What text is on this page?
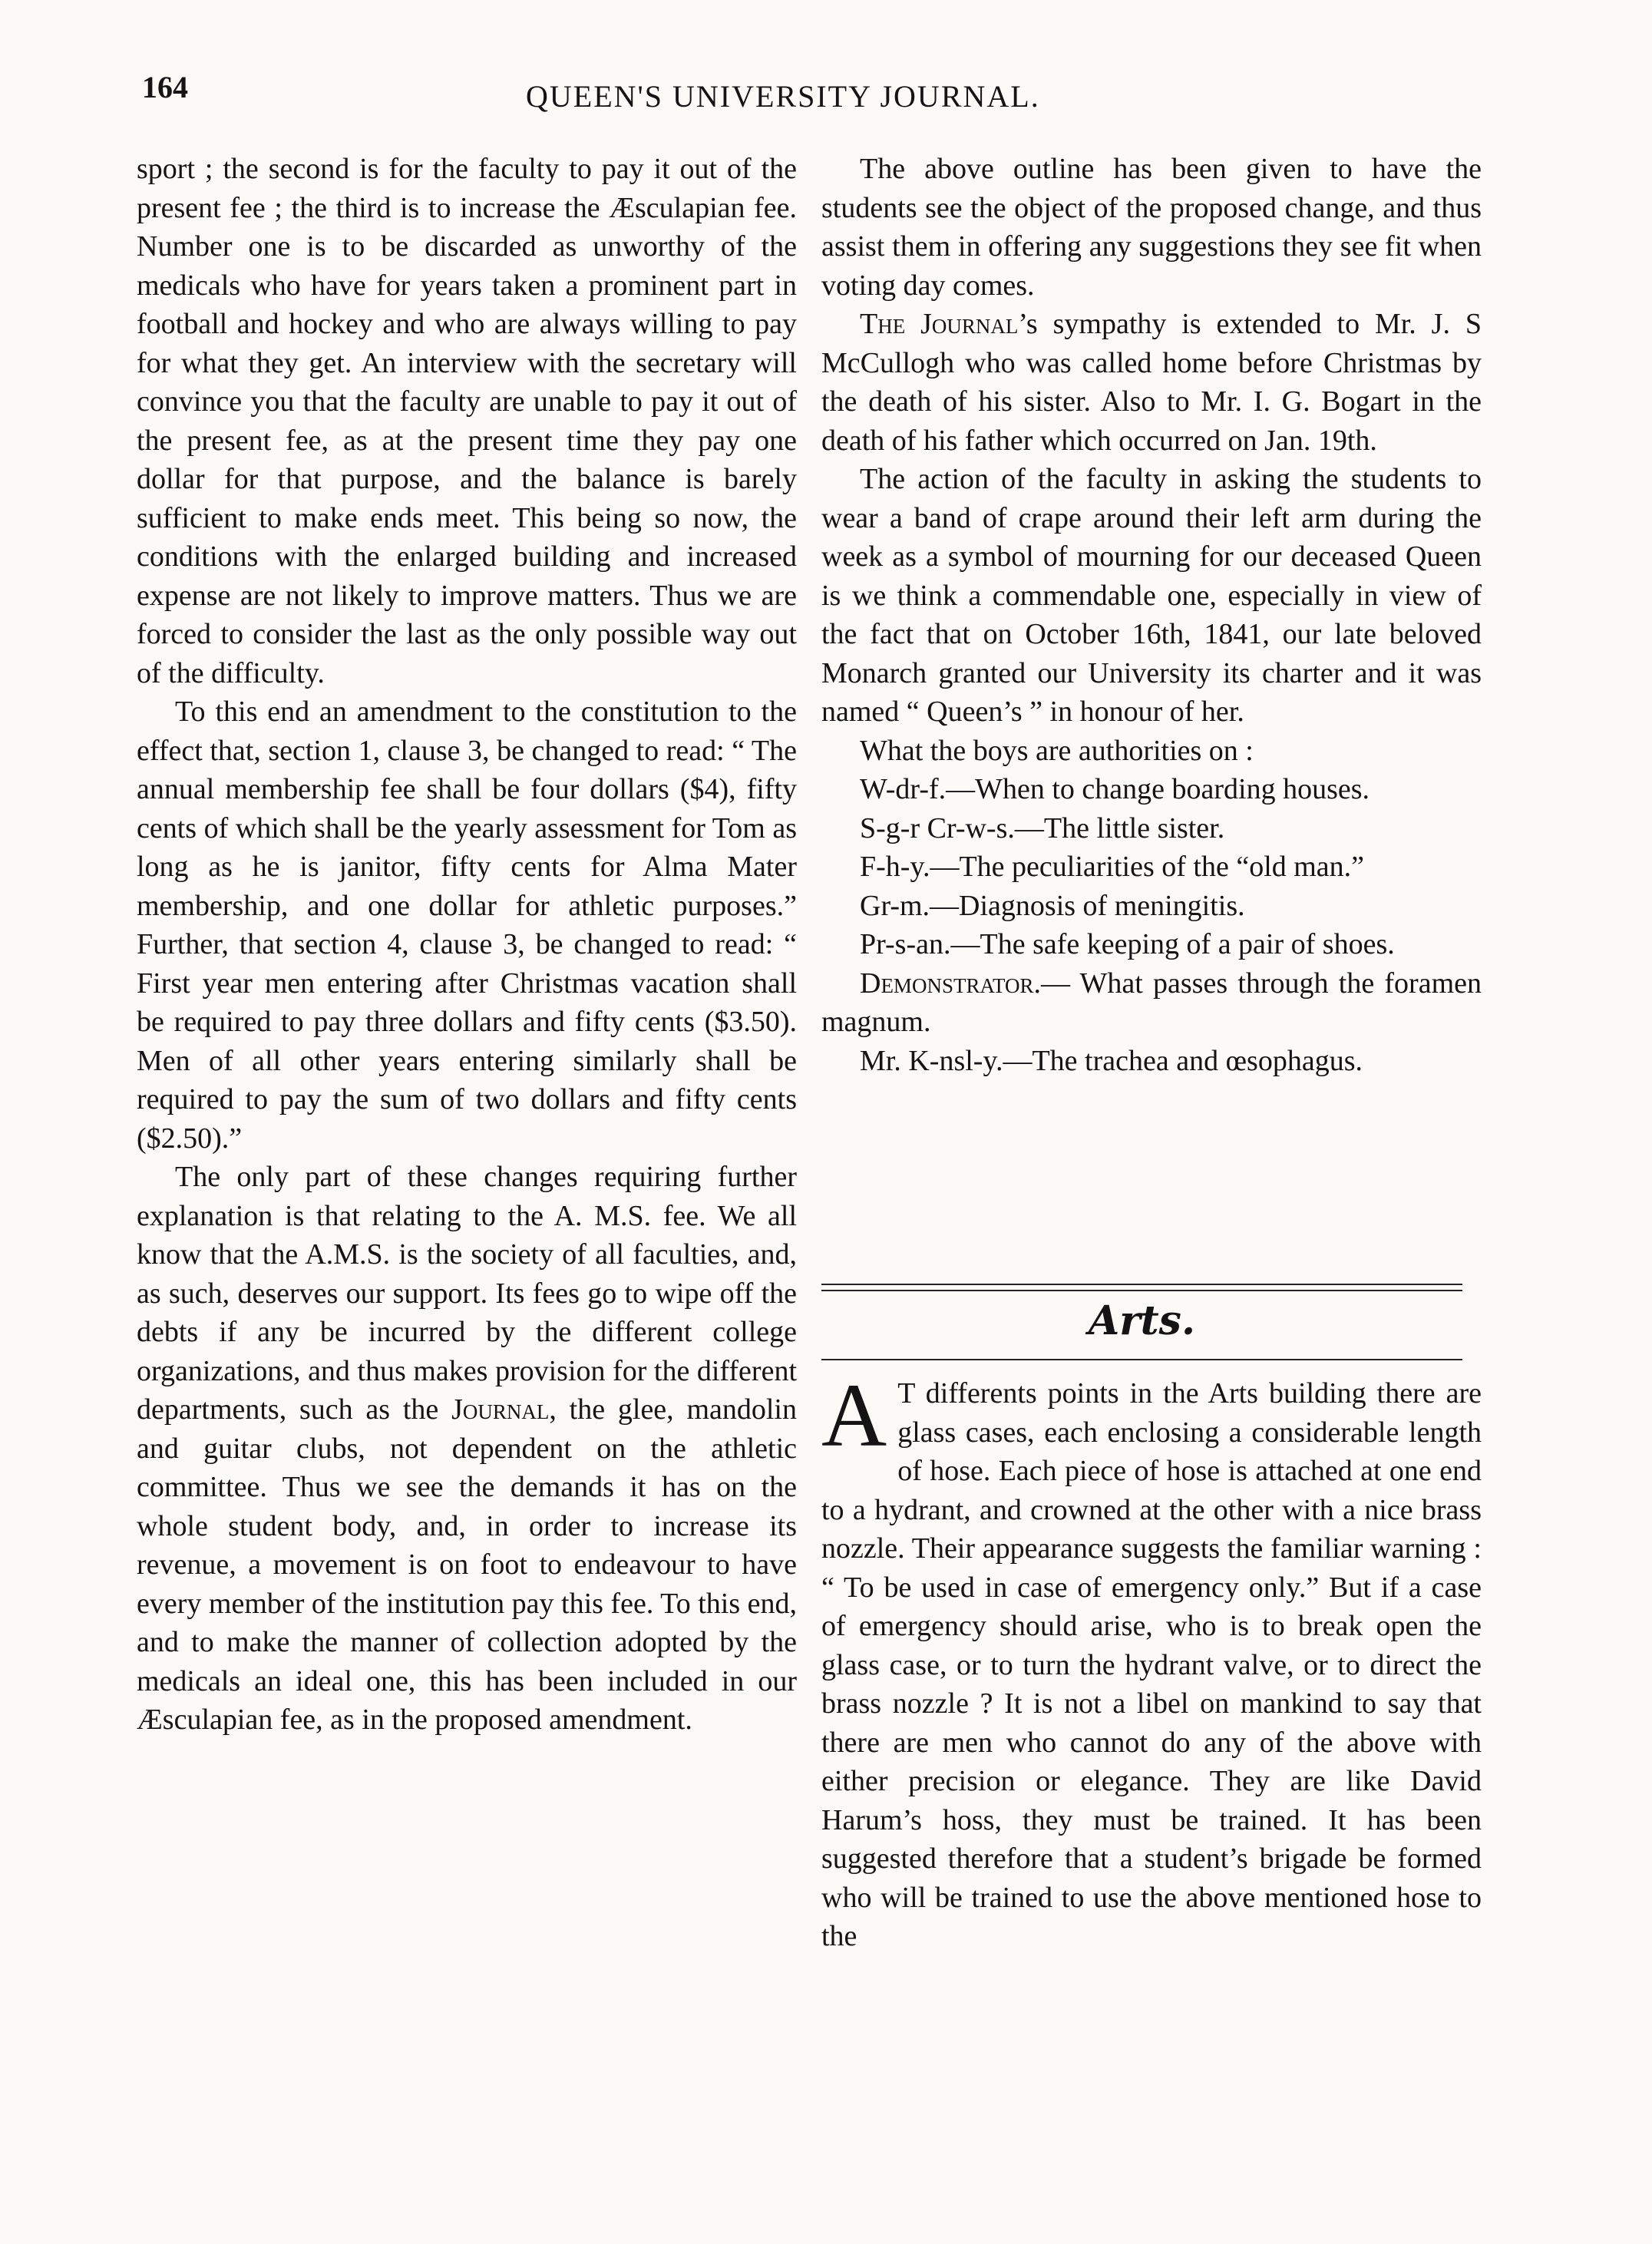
164	QUEEN'S UNIVERSITY JOURNAL.

sport ; the second is for the faculty to pay it out of the present fee ; the third is to increase the Æsculapian fee. Number one is to be discarded as unworthy of the medicals who have for years taken a prominent part in football and hockey and who are always willing to pay for what they get. An interview with the secretary will convince you that the faculty are unable to pay it out of the present fee, as at the present time they pay one dollar for that purpose, and the balance is barely sufficient to make ends meet. This being so now, the conditions with the enlarged building and increased expense are not likely to improve matters. Thus we are forced to consider the last as the only possible way out of the difficulty.

To this end an amendment to the constitution to the effect that, section 1, clause 3, be changed to read: “ The annual membership fee shall be four dollars ($4), fifty cents of which shall be the yearly assessment for Tom as long as he is janitor, fifty cents for Alma Mater membership, and one dollar for athletic purposes.” Further, that section 4, clause 3, be changed to read: “ First year men entering after Christmas vacation shall be required to pay three dollars and fifty cents ($3.50). Men of all other years entering similarly shall be required to pay the sum of two dollars and fifty cents ($2.50).”

The only part of these changes requiring further explanation is that relating to the A. M.S. fee. We all know that the A.M.S. is the society of all faculties, and, as such, deserves our support. Its fees go to wipe off the debts if any be incurred by the different college organizations, and thus makes provision for the different departments, such as the Journal, the glee, mandolin and guitar clubs, not dependent on the athletic committee. Thus we see the demands it has on the whole student body, and, in order to increase its revenue, a movement is on foot to endeavour to have every member of the institution pay this fee. To this end, and to make the manner of collection adopted by the medicals an ideal one, this has been included in our Æsculapian fee, as in the proposed amendment.

The above outline has been given to have the students see the object of the proposed change, and thus assist them in offering any suggestions they see fit when voting day comes.

The Journal’s sympathy is extended to Mr. J. S McCullogh who was called home before Christmas by the death of his sister. Also to Mr. I. G. Bogart in the death of his father which occurred on Jan. 19th.

The action of the faculty in asking the students to wear a band of crape around their left arm during the week as a symbol of mourning for our deceased Queen is we think a commendable one, especially in view of the fact that on October 16th, 1841, our late beloved Monarch granted our University its charter and it was named “ Queen’s ” in honour of her.

What the boys are authorities on :

W-dr-f.—When to change boarding houses.

S-g-r Cr-w-s.—The little sister.

F-h-y.—The peculiarities of the “old man.”

Gr-m.—Diagnosis of meningitis.

Pr-s-an.—The safe keeping of a pair of shoes.

Demonstrator.— What passes through the foramen magnum.

Mr. K-nsl-y.—The trachea and œsophagus.

Arts.

A T differents points in the Arts building there are glass cases, each enclosing a considerable length of hose. Each piece of hose is attached at one end to a hydrant, and crowned at the other with a nice brass nozzle. Their appearance suggests the familiar warning : “ To be used in case of emergency only.” But if a case of emergency should arise, who is to break open the glass case, or to turn the hydrant valve, or to direct the brass nozzle ? It is not a libel on mankind to say that there are men who cannot do any of the above with either precision or elegance. They are like David Harum’s hoss, they must be trained. It has been suggested therefore that a student’s brigade be formed who will be trained to use the above mentioned hose to the
